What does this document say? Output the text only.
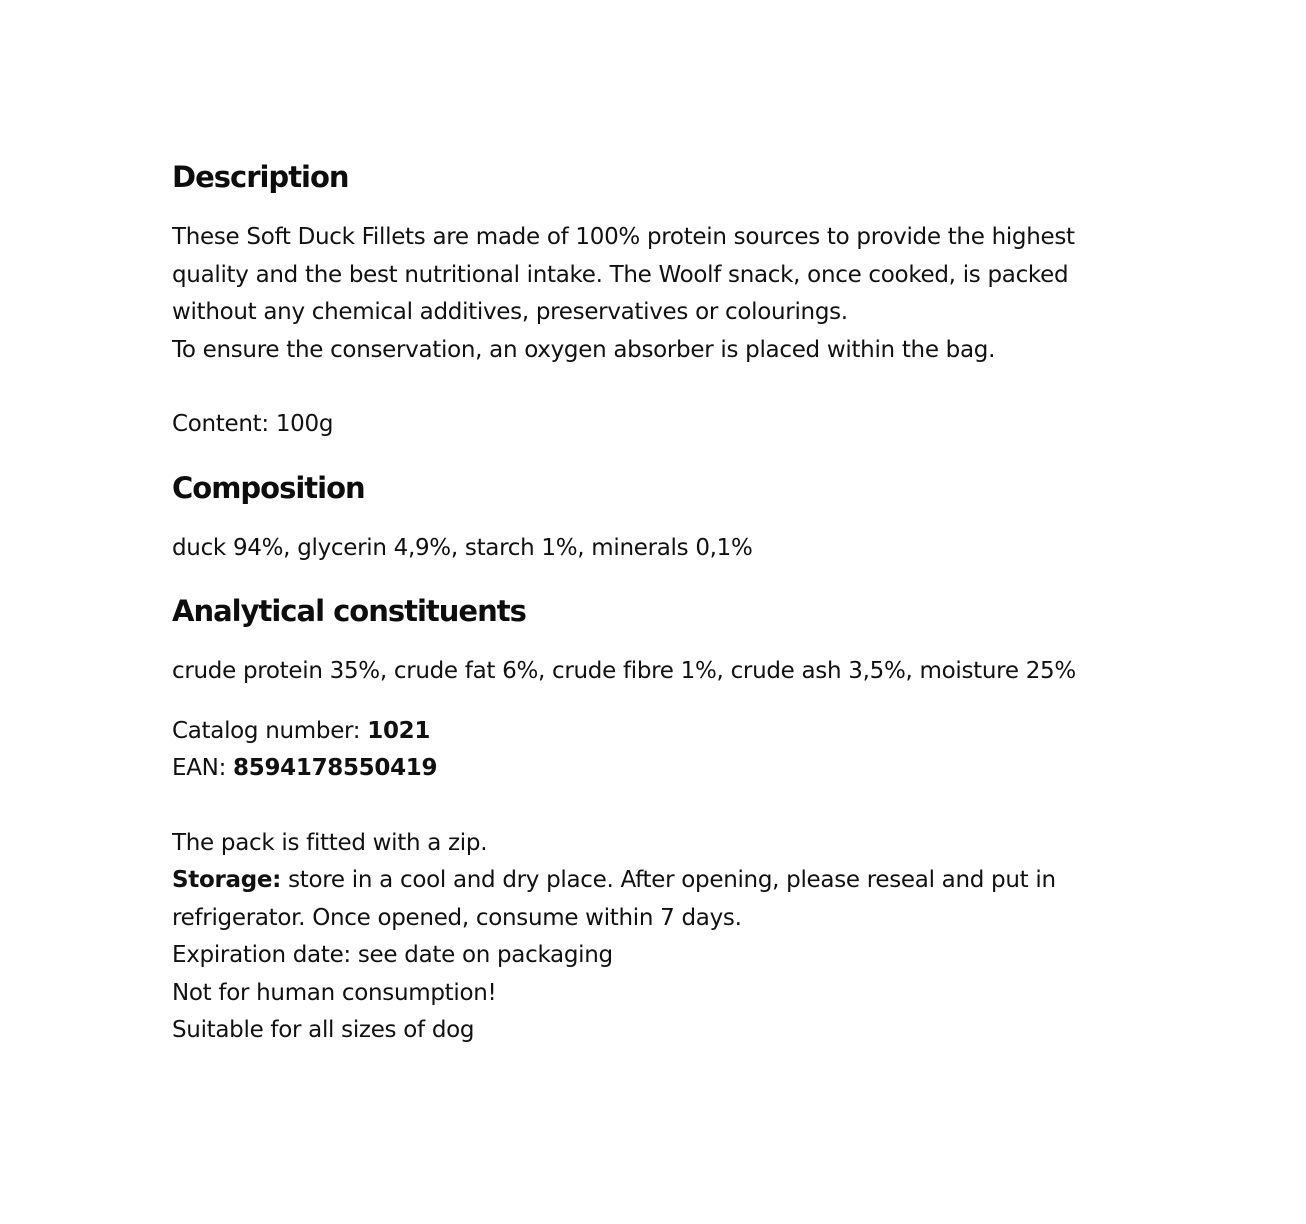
Description

These Soft Duck Fillets are made of 100% protein sources to provide the highest

quality and the best nutritional intake. The Woolf snack, once cooked, is packed

without any chemical additives, preservatives or colourings.

To ensure the conservation, an oxygen absorber is placed within the bag.

Content: 100g

Composition

duck 94%, glycerin 4,9%, starch 1%, minerals 0,1%

Analytical constituents

crude protein 35%, crude fat 6%, crude fibre 1%, crude ash 3,5%, moisture 25%

Catalog number: 1021

EAN: 8594178550419

The pack is fitted with a zip.

Storage: store in a cool and dry place. After opening, please reseal and put in

refrigerator. Once opened, consume within 7 days.

Expiration date: see date on packaging

Not for human consumption!

Suitable for all sizes of dog
